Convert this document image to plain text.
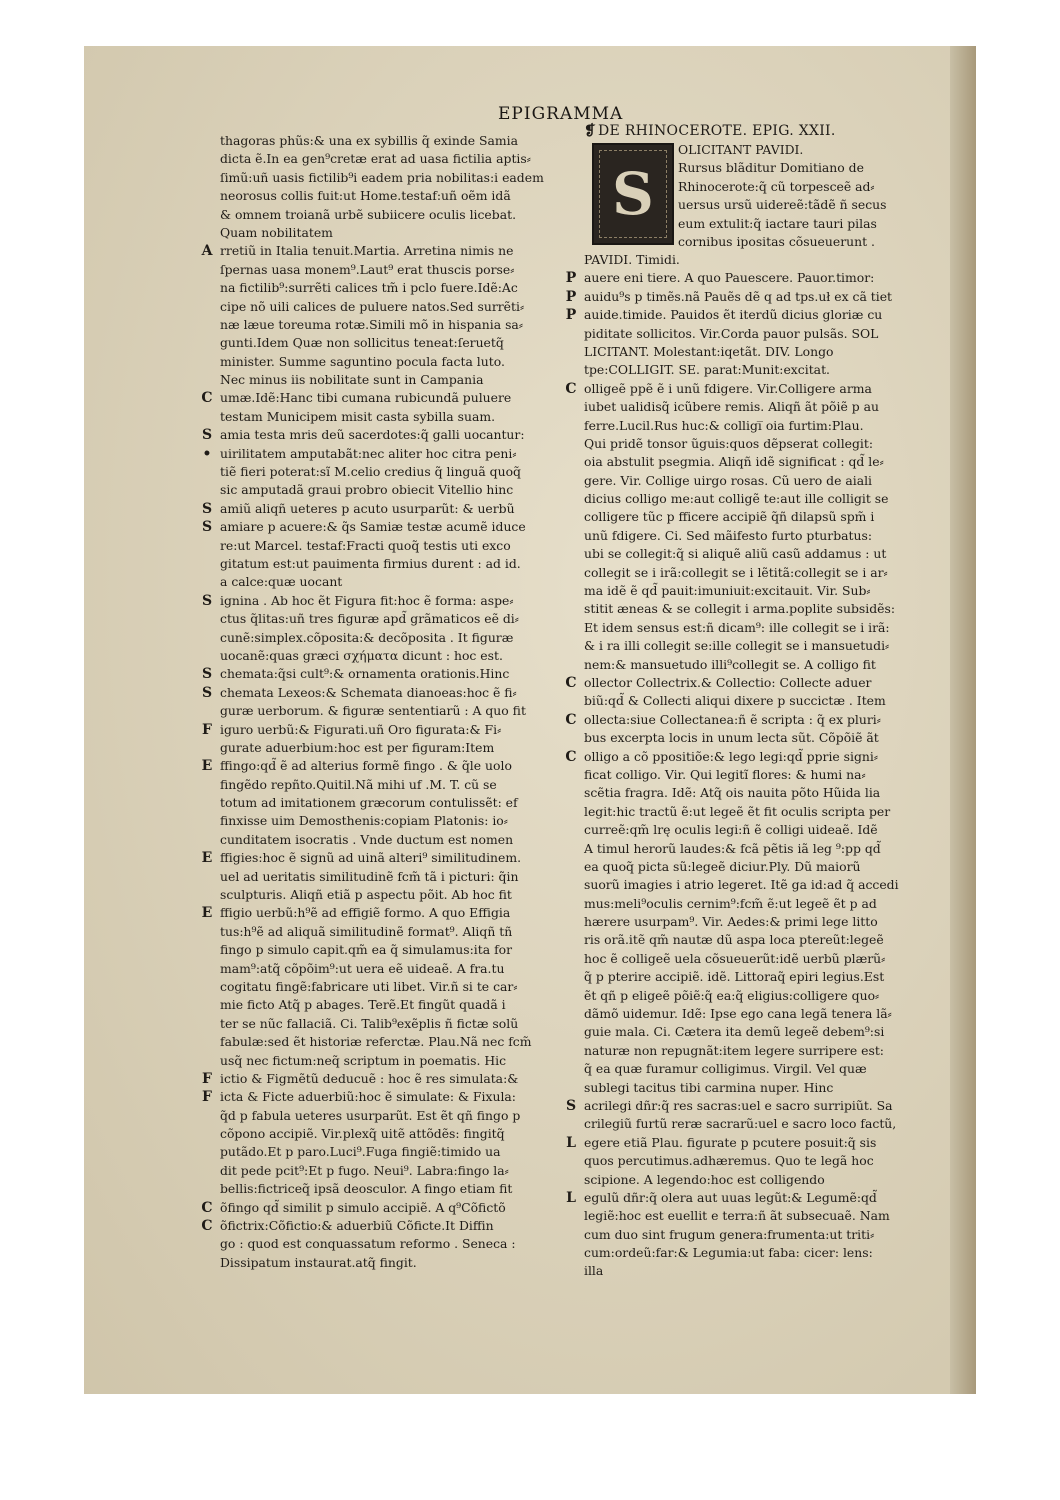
EPIGRAMMA
thagoras phũs:& una ex sybillis q̃ exinde Samia
dicta ẽ.In ea gen⁹cretæ erat ad uasa fictilia aptis⸗
ſimũ:uñ uasis fictilib⁹i eadem pria nobilitas:i eadem
neorosus collis fuit:ut Home.testaf:uñ oẽm idã
& omnem troianã urbẽ subiicere oculis licebat.
Quam nobilitatem
A rretiũ in Italia tenuit.Martia. Arretina nimis ne
ſpernas uasa monem⁹.Laut⁹ erat thuscis porse⸗
na fictilib⁹:surrẽti calices tm̃ i pclo fuere.Idẽ:Ac
cipe nõ uili calices de puluere natos.Sed surrẽti⸗
næ læue toreuma rotæ.Simili mõ in hispania sa⸗
gunti.Idem Quæ non sollicitus teneat:ſeruetq̃
minister. Summe saguntino pocula facta luto.
Nec minus iis nobilitate sunt in Campania
C umæ.Idẽ:Hanc tibi cumana rubicundã puluere
testam Municipem misit casta sybilla suam.
S amia testa mris deũ sacerdotes:q̃ galli uocantur:
• uirilitatem amputabãt:nec aliter hoc citra peni⸗
tiẽ fieri poterat:sĩ M.celio credius q̃ linguã quoq̃
sic amputadã graui probro obiecit Vitellio hinc
S amiũ aliqñ ueteres p acuto usurparũt: & uerbũ
S amiare p acuere:& q̃s Samiæ testæ acumẽ iduce
re:ut Marcel. testaf:Fracti quoq̃ testis uti exco
gitatum est:ut pauimenta firmius durent : ad id.
a calce:quæ uocant
S ignina . Ab hoc ẽt Figura fit:hoc ẽ forma: aspe⸗
ctus q̃litas:uñ tres figuræ apd̃ grãmaticos eẽ di⸗
cunẽ:simplex.cõposita:& decõposita . It figuræ
uocanẽ:quas græci σχήματα dicunt : hoc est.
S chemata:q̃si cult⁹:& ornamenta orationis.Hinc
S chemata Lexeos:& Schemata dianoeas:hoc ẽ fi⸗
guræ uerborum. & figuræ sententiarũ : A quo fit
F iguro uerbũ:& Figurati.uñ Oro figurata:& Fi⸗
gurate aduerbium:hoc est per figuram:Item
E ffingo:qd̃ ẽ ad alterius formẽ fingo . & q̃le uolo
fingẽdo repñto.Quitil.Nã mihi uf .M. T. cũ se
totum ad imitationem græcorum contulissẽt: ef
finxisse uim Demosthenis:copiam Platonis: io⸗
cunditatem isocratis . Vnde ductum est nomen
E ffigies:hoc ẽ signũ ad uinã alteri⁹ similitudinem.
uel ad ueritatis similitudinẽ fcm̃ tã i picturi: q̃in
sculpturis. Aliqñ etiã p aspectu põit. Ab hoc fit
E ffigio uerbũ:h⁹ẽ ad effigiẽ formo. A quo Effigia
tus:h⁹ẽ ad aliquã similitudinẽ format⁹. Aliqñ tñ
fingo p simulo capit.qm̃ ea q̃ simulamus:ita for
mam⁹:atq̃ cõpõim⁹:ut uera eẽ uideaẽ. A fra.tu
cogitatu fingẽ:fabricare uti libet. Vir.ñ si te car⸗
mie ficto Atq̃ p abages. Terẽ.Et fingũt quadã i
ter se nũc fallaciã. Ci. Talib⁹exẽplis ñ fictæ solũ
fabulæ:sed ẽt historiæ referctæ. Plau.Nã nec fcm̃
usq̃ nec fictum:neq̃ scriptum in poematis. Hic
F ictio & Figmẽtũ deducuẽ : hoc ẽ res simulata:&
F icta & Ficte aduerbiũ:hoc ẽ simulate: & Fixula:
q̃d p fabula ueteres usurparũt. Est ẽt qñ fingo p
cõpono accipiẽ. Vir.plexq̃ uitẽ attõdẽs: fingitq̃
putãdo.Et p paro.Luci⁹.Fuga fingiẽ:timido ua
dit pede pcit⁹:Et p fugo. Neui⁹. Labra:fingo la⸗
bellis:fictriceq̃ ipsã deosculor. A fingo etiam fit
C õfingo qd̃ similit p simulo accipiẽ. A q⁹Cõfictõ
C õfictrix:Cõfictio:& aduerbiũ Cõficte.It Diffin
go : quod est conquassatum reformo . Seneca :
Dissipatum instaurat.atq̃ fingit.
❡ DE RHINOCEROTE. EPIG. XXII.
S
OLICITANT PAVIDI.
Rursus blãditur Domitiano de
Rhinocerote:q̃ cũ torpesceẽ ad⸗
uersus ursũ uidereẽ:tãdẽ ñ secus
eum extulit:q̃ iactare tauri pilas
cornibus ipositas cõsueuerunt .
PAVIDI. Timidi.
P auere eni tiere. A quo Pauescere. Pauor.timor:
P auidu⁹s p timẽs.nã Pauẽs dẽ q ad tps.uł ex cã tiet
P auide.timide. Pauidos ẽt iterdũ dicius gloriæ cu
piditate sollicitos. Vir.Corda pauor pulsãs. SOL
LICITANT. Molestant:iqetãt. DIV. Longo
tpe:COLLIGIT. SE. parat:Munit:excitat.
C olligeẽ ppẽ ẽ i unũ fdigere. Vir.Colligere arma
iubet ualidisq̃ icũbere remis. Aliqñ ãt põiẽ p au
ferre.Lucil.Rus huc:& colligi̅ oia furtim:Plau.
Qui pridẽ tonsor ũguis:quos dẽpserat collegit:
oia abstulit psegmia. Aliqñ idẽ significat : qd̃ le⸗
gere. Vir. Collige uirgo rosas. Cũ uero de aiali
dicius colligo me:aut colligẽ te:aut ille colligit se
colligere tũc p fficere accipiẽ q̃ñ dilapsũ spm̃ i
unũ fdigere. Ci. Sed mãifesto furto pturbatus:
ubi se collegit:q̃ si aliquẽ aliũ casũ addamus : ut
collegit se i irã:collegit se i lẽtitã:collegit se i ar⸗
ma idẽ ẽ qd̃ pauit:imuniuit:excitauit. Vir. Sub⸗
stitit æneas & se collegit i arma.poplite subsidẽs:
Et idem sensus est:ñ dicam⁹: ille collegit se i irã:
& i ra illi collegit se:ille collegit se i mansuetudi⸗
nem:& mansuetudo illi⁹collegit se. A colligo fit
C ollector Collectrix.& Collectio: Collecte aduer
biũ:qd̃ & Collecti aliqui dixere p succictæ . Item
C ollecta:siue Collectanea:ñ ẽ scripta : q̃ ex pluri⸗
bus excerpta locis in unum lecta sũt. Cõpõiẽ ãt
C olligo a cõ ppositiõe:& lego legi:qd̃ pprie signi⸗
ficat colligo. Vir. Qui legitĩ flores: & humi na⸗
scẽtia fragra. Idẽ: Atq̃ ois nauita põto Hũida lia
legit:hic tractũ ẽ:ut legeẽ ẽt fit oculis scripta per
curreẽ:qm̃ lrę oculis legi:ñ ẽ colligi uideaẽ. Idẽ
A timul herorũ laudes:& fcã pẽtis iã leg ⁹:pp qd̃
ea quoq̃ picta sũ:legeẽ diciur.Ply. Dũ maiorũ
suorũ imagies i atrio legeret. Itẽ ga id:ad q̃ accedi
mus:meli⁹oculis cernim⁹:fcm̃ ẽ:ut legeẽ ẽt p ad
hærere usurpam⁹. Vir. Aedes:& primi lege litto
ris orã.itẽ qm̃ nautæ dũ aspa loca ptereũt:legeẽ
hoc ẽ colligeẽ uela cõsueuerũt:idẽ uerbũ plærũ⸗
q̃ p pterire accipiẽ. idẽ. Littoraq̃ epiri legius.Est
ẽt qñ p eligeẽ põiẽ:q̃ ea:q̃ eligius:colligere quo⸗
dãmõ uidemur. Idẽ: Ipse ego cana legã tenera lã⸗
guie mala. Ci. Cætera ita demũ legeẽ debem⁹:si
naturæ non repugnãt:item legere surripere est:
q̃ ea quæ furamur colligimus. Virgil. Vel quæ
sublegi tacitus tibi carmina nuper. Hinc
S acrilegi dñr:q̃ res sacras:uel e sacro surripiũt. Sa
crilegiũ furtũ reræ sacrarũ:uel e sacro loco factũ,
L egere etiã Plau. figurate p pcutere posuit:q̃ sis
quos percutimus.adhæremus. Quo te legã hoc
scipione. A legendo:hoc est colligendo
L egulũ dñr:q̃ olera aut uuas legũt:& Legumẽ:qd̃
legiẽ:hoc est euellit e terra:ñ ãt subsecuaẽ. Nam
cum duo sint frugum genera:frumenta:ut triti⸗
cum:ordeũ:far:& Legumia:ut faba: cicer: lens:
illa
